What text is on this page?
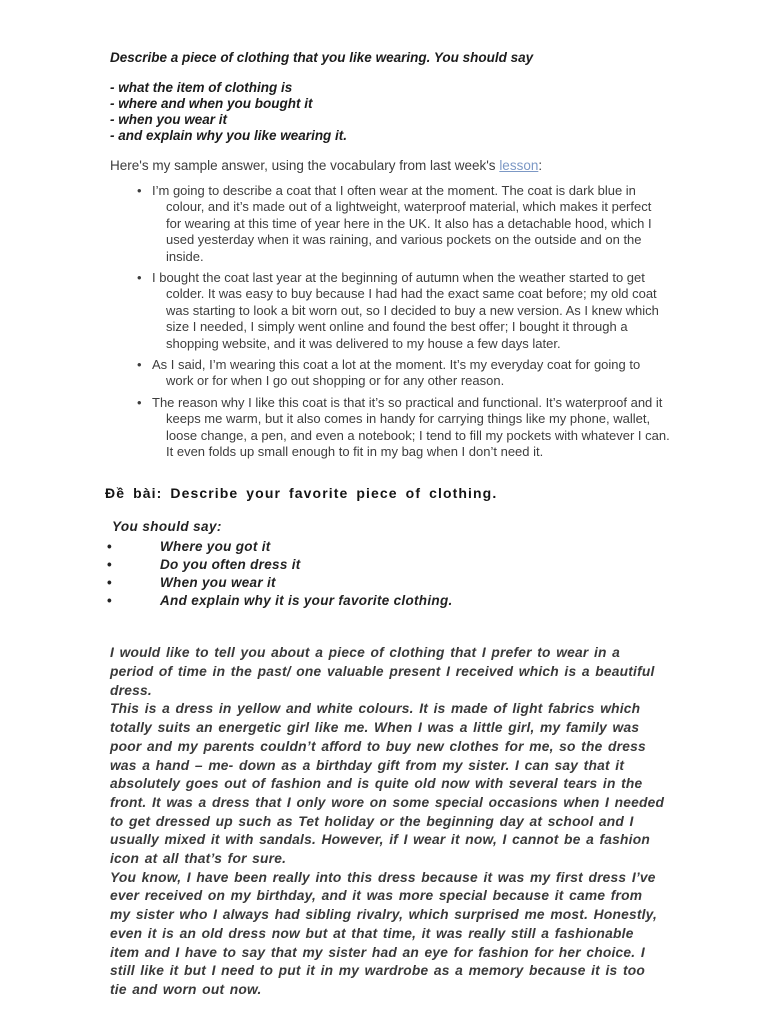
Describe a piece of clothing that you like wearing. You should say
- what the item of clothing is
- where and when you bought it
- when you wear it
- and explain why you like wearing it.

Here's my sample answer, using the vocabulary from last week's lesson:

• I’m going to describe a coat that I often wear at the moment. The coat is dark blue in colour, and it’s made out of a lightweight, waterproof material, which makes it perfect for wearing at this time of year here in the UK. It also has a detachable hood, which I used yesterday when it was raining, and various pockets on the outside and on the inside.
• I bought the coat last year at the beginning of autumn when the weather started to get colder. It was easy to buy because I had had the exact same coat before; my old coat was starting to look a bit worn out, so I decided to buy a new version. As I knew which size I needed, I simply went online and found the best offer; I bought it through a shopping website, and it was delivered to my house a few days later.
• As I said, I’m wearing this coat a lot at the moment. It’s my everyday coat for going to work or for when I go out shopping or for any other reason.
• The reason why I like this coat is that it’s so practical and functional. It’s waterproof and it keeps me warm, but it also comes in handy for carrying things like my phone, wallet, loose change, a pen, and even a notebook; I tend to fill my pockets with whatever I can. It even folds up small enough to fit in my bag when I don’t need it.
Đề bài: Describe your favorite piece of clothing.
You should say:
• Where you got it
• Do you often dress it
• When you wear it
• And explain why it is your favorite clothing.

I would like to tell you about a piece of clothing that I prefer to wear in a period of time in the past/ one valuable present I received which is a beautiful dress.

This is a dress in yellow and white colours. It is made of light fabrics which totally suits an energetic girl like me. When I was a little girl, my family was poor and my parents couldn’t afford to buy new clothes for me, so the dress was a hand – me- down as a birthday gift from my sister. I can say that it absolutely goes out of fashion and is quite old now with several tears in the front. It was a dress that I only wore on some special occasions when I needed to get dressed up such as Tet holiday or the beginning day at school and I usually mixed it with sandals. However, if I wear it now, I cannot be a fashion icon at all that’s for sure.

You know, I have been really into this dress because it was my first dress I’ve ever received on my birthday, and it was more special because it came from my sister who I always had sibling rivalry, which surprised me most. Honestly, even it is an old dress now but at that time, it was really still a fashionable item and I have to say that my sister had an eye for fashion for her choice. I still like it but I need to put it in my wardrobe as a memory because it is too tie and worn out now.
